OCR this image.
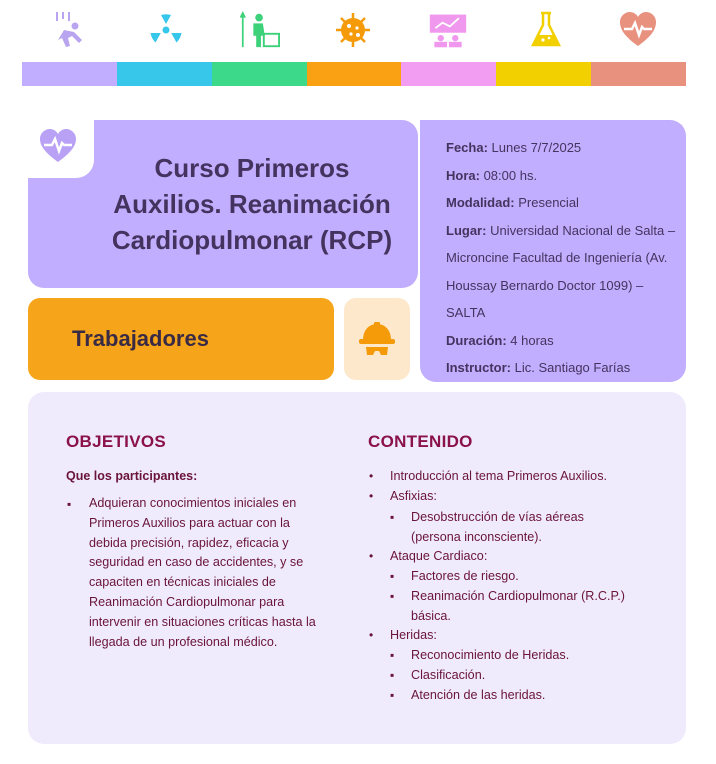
Curso Primeros
Auxilios. Reanimación
Cardiopulmonar (RCP)
Fecha: Lunes 7/7/2025
Hora: 08:00 hs.
Modalidad: Presencial
Lugar: Universidad Nacional de Salta – Microncine Facultad de Ingeniería (Av. Houssay Bernardo Doctor 1099) – SALTA
Duración: 4 horas
Instructor: Lic. Santiago Farías
Trabajadores
OBJETIVOS
Que los participantes:
▪ Adquieran conocimientos iniciales en Primeros Auxilios para actuar con la debida precisión, rapidez, eficacia y seguridad en caso de accidentes, y se capaciten en técnicas iniciales de Reanimación Cardiopulmonar para intervenir en situaciones críticas hasta la llegada de un profesional médico.
CONTENIDO
• Introducción al tema Primeros Auxilios.
• Asfixias:
▪ Desobstrucción de vías aéreas (persona inconsciente).
• Ataque Cardiaco:
▪ Factores de riesgo.
▪ Reanimación Cardiopulmonar (R.C.P.) básica.
• Heridas:
▪ Reconocimiento de Heridas.
▪ Clasificación.
▪ Atención de las heridas.
